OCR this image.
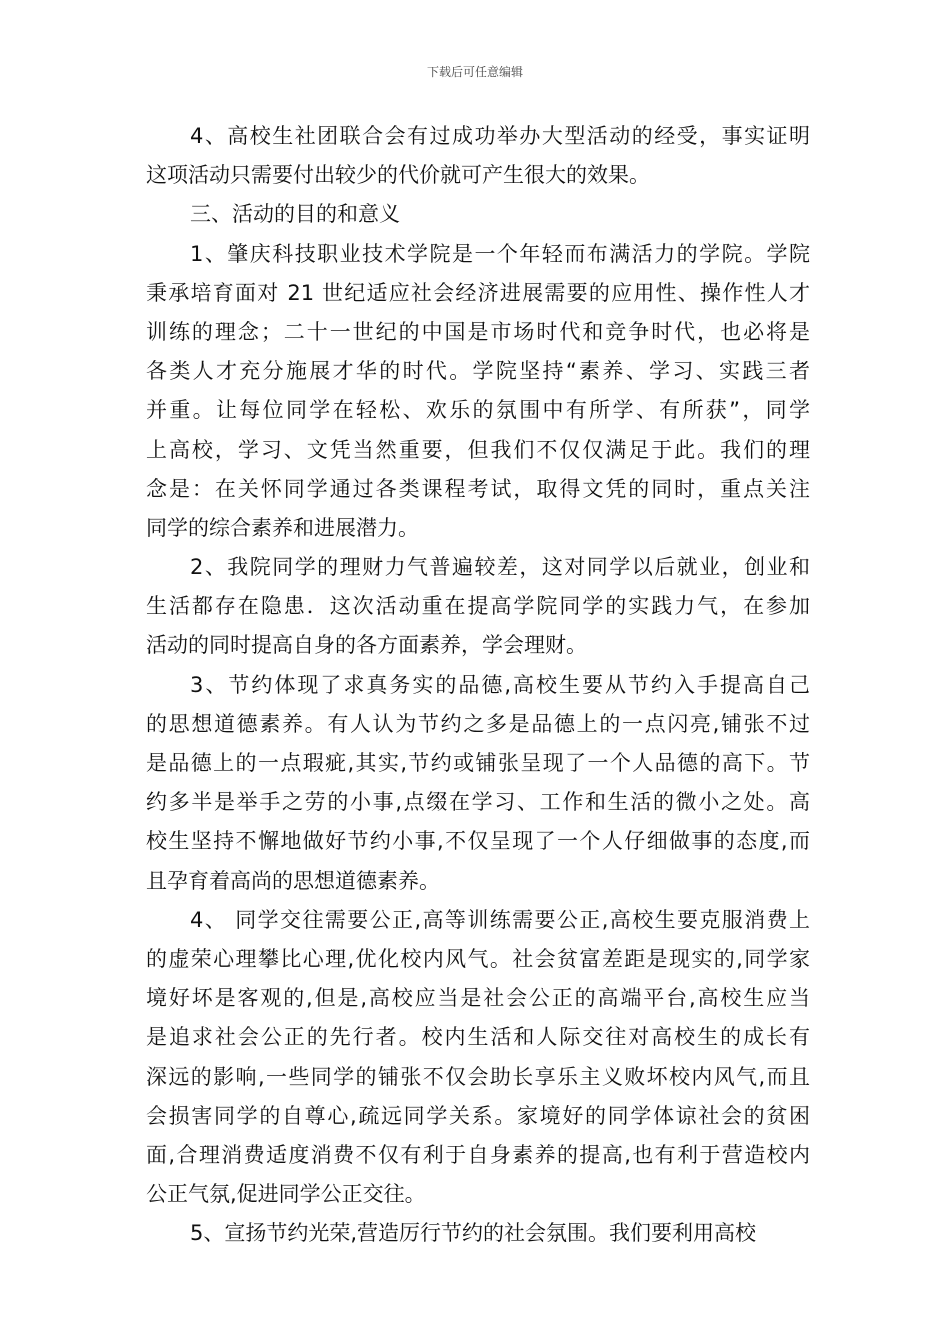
下载后可任意编辑
4、高校生社团联合会有过成功举办大型活动的经受，事实证明
这项活动只需要付出较少的代价就可产生很大的效果。
三、活动的目的和意义
1、肇庆科技职业技术学院是一个年轻而布满活力的学院。学院
秉承培育面对 21 世纪适应社会经济进展需要的应用性、操作性人才
训练的理念；二十一世纪的中国是市场时代和竞争时代，也必将是
各类人才充分施展才华的时代。学院坚持“素养、学习、实践三者
并重。让每位同学在轻松、欢乐的氛围中有所学、有所获”，同学
上高校，学习、文凭当然重要，但我们不仅仅满足于此。我们的理
念是：在关怀同学通过各类课程考试，取得文凭的同时，重点关注
同学的综合素养和进展潜力。
2、我院同学的理财力气普遍较差，这对同学以后就业，创业和
生活都存在隐患．这次活动重在提高学院同学的实践力气，在参加
活动的同时提高自身的各方面素养，学会理财。
3、节约体现了求真务实的品德,高校生要从节约入手提高自己
的思想道德素养。有人认为节约之多是品德上的一点闪亮,铺张不过
是品德上的一点瑕疵,其实,节约或铺张呈现了一个人品德的高下。节
约多半是举手之劳的小事,点缀在学习、工作和生活的微小之处。高
校生坚持不懈地做好节约小事,不仅呈现了一个人仔细做事的态度,而
且孕育着高尚的思想道德素养。
4、 同学交往需要公正,高等训练需要公正,高校生要克服消费上
的虚荣心理攀比心理,优化校内风气。社会贫富差距是现实的,同学家
境好坏是客观的,但是,高校应当是社会公正的高端平台,高校生应当
是追求社会公正的先行者。校内生活和人际交往对高校生的成长有
深远的影响,一些同学的铺张不仅会助长享乐主义败坏校内风气,而且
会损害同学的自尊心,疏远同学关系。家境好的同学体谅社会的贫困
面,合理消费适度消费不仅有利于自身素养的提高,也有利于营造校内
公正气氛,促进同学公正交往。
5、宣扬节约光荣,营造厉行节约的社会氛围。我们要利用高校
